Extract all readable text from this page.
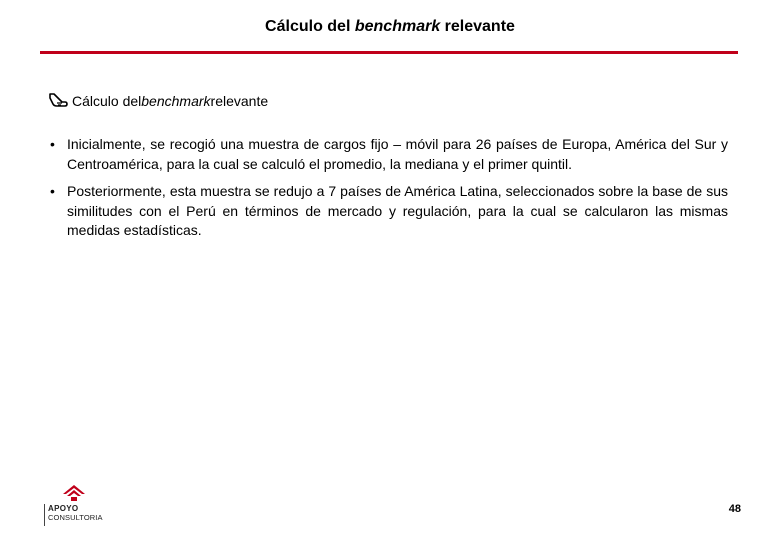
Cálculo del benchmark relevante
Cálculo del benchmark relevante
• Inicialmente, se recogió una muestra de cargos fijo – móvil para 26 países de Europa, América del Sur y Centroamérica, para la cual se calculó el promedio, la mediana y el primer quintil.
• Posteriormente, esta muestra se redujo a 7 países de América Latina, seleccionados sobre la base de sus similitudes con el Perú en términos de mercado y regulación, para la cual se calcularon las mismas medidas estadísticas.
APOYO
CONSULTORIA
48
